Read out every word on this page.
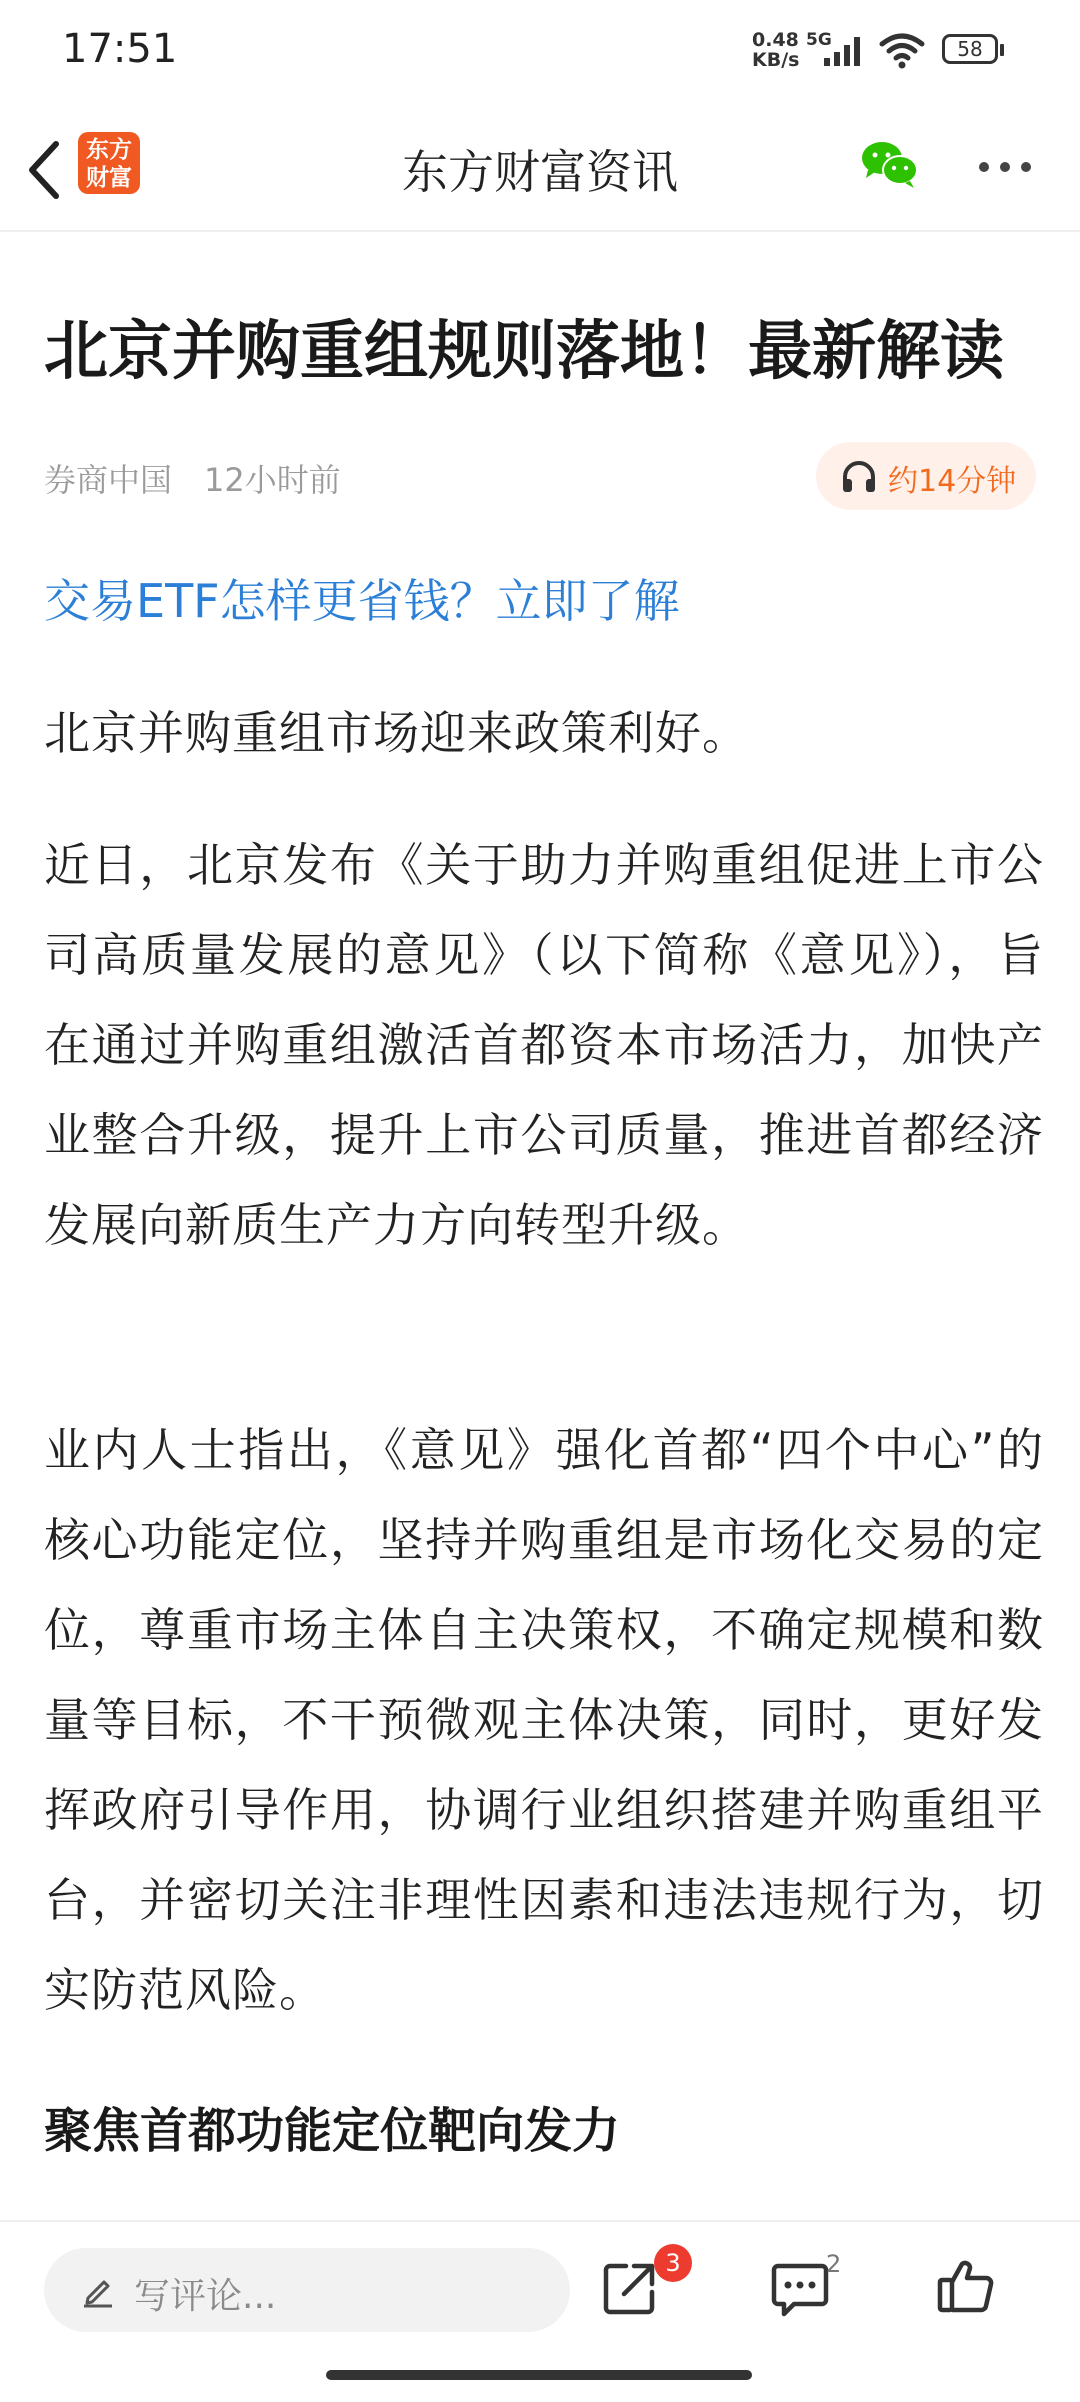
17:51	0.48
KB/s
5G	58
东方
财富	东方财富资讯
北京并购重组规则落地！最新解读
券商中国 12小时前	约14分钟
交易ETF怎样更省钱？立即了解
北京并购重组市场迎来政策利好。
近日，北京发布《关于助力并购重组促进上市公司高质量发展的意见》（以下简称《意见》），旨在通过并购重组激活首都资本市场活力，加快产业整合升级，提升上市公司质量，推进首都经济发展向新质生产力方向转型升级。
业内人士指出，《意见》强化首都“四个中心”的核心功能定位，坚持并购重组是市场化交易的定位，尊重市场主体自主决策权，不确定规模和数量等目标，不干预微观主体决策，同时，更好发挥政府引导作用，协调行业组织搭建并购重组平台，并密切关注非理性因素和违法违规行为，切实防范风险。
聚焦首都功能定位靶向发力
写评论...
3	2
